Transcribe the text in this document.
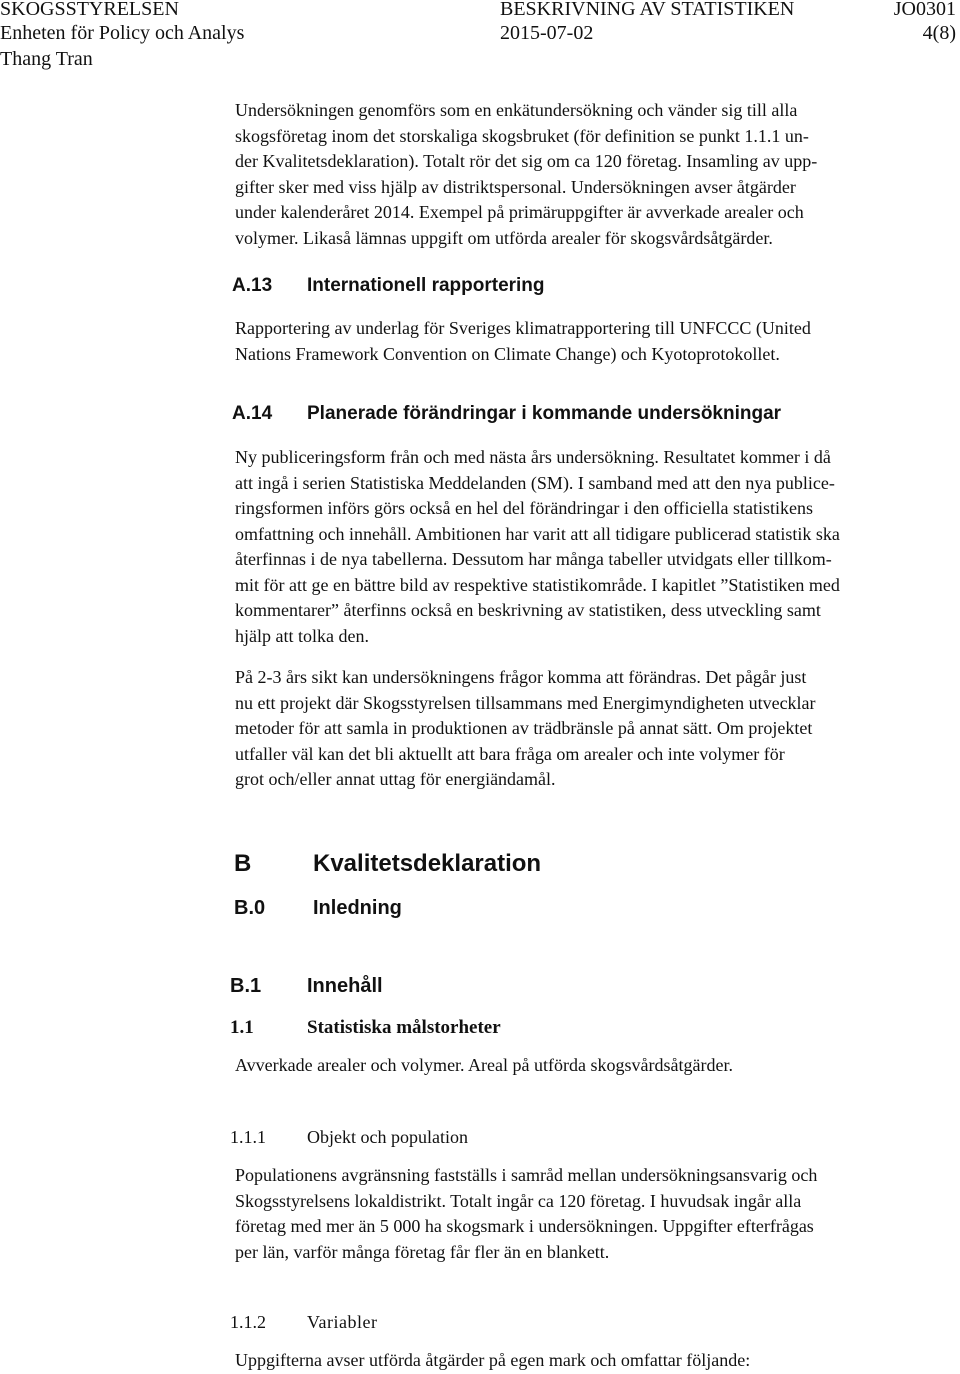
SKOGSSTYRELSEN	BESKRIVNING AV STATISTIKEN	JO0301
Enheten för Policy och Analys	2015-07-02	4(8)
Thang Tran

Undersökningen genomförs som en enkätundersökning och vänder sig till alla

skogsföretag inom det storskaliga skogsbruket (för definition se punkt 1.1.1 un-

der Kvalitetsdeklaration). Totalt rör det sig om ca 120 företag. Insamling av upp-

gifter sker med viss hjälp av distriktspersonal. Undersökningen avser åtgärder

under kalenderåret 2014. Exempel på primäruppgifter är avverkade arealer och

volymer. Likaså lämnas uppgift om utförda arealer för skogsvårdsåtgärder.

A.13 Internationell rapportering

Rapportering av underlag för Sveriges klimatrapportering till UNFCCC (United

Nations Framework Convention on Climate Change) och Kyotoprotokollet.

A.14 Planerade förändringar i kommande undersökningar

Ny publiceringsform från och med nästa års undersökning. Resultatet kommer i då

att ingå i serien Statistiska Meddelanden (SM). I samband med att den nya publice-

ringsformen införs görs också en hel del förändringar i den officiella statistikens

omfattning och innehåll. Ambitionen har varit att all tidigare publicerad statistik ska

återfinnas i de nya tabellerna. Dessutom har många tabeller utvidgats eller tillkom-

mit för att ge en bättre bild av respektive statistikområde. I kapitlet ”Statistiken med

kommentarer” återfinns också en beskrivning av statistiken, dess utveckling samt

hjälp att tolka den.

På 2-3 års sikt kan undersökningens frågor komma att förändras. Det pågår just

nu ett projekt där Skogsstyrelsen tillsammans med Energimyndigheten utvecklar

metoder för att samla in produktionen av trädbränsle på annat sätt. Om projektet

utfaller väl kan det bli aktuellt att bara fråga om arealer och inte volymer för

grot och/eller annat uttag för energiändamål.

B	Kvalitetsdeklaration
B.0 Inledning
B.1 Innehåll
1.1	Statistiska målstorheter

Avverkade arealer och volymer. Areal på utförda skogsvårdsåtgärder.

1.1.1 Objekt och population

Populationens avgränsning fastställs i samråd mellan undersökningsansvarig och

Skogsstyrelsens lokaldistrikt. Totalt ingår ca 120 företag. I huvudsak ingår alla

företag med mer än 5 000 ha skogsmark i undersökningen. Uppgifter efterfrågas

per län, varför många företag får fler än en blankett.

1.1.2 Variabler

Uppgifterna avser utförda åtgärder på egen mark och omfattar följande:
